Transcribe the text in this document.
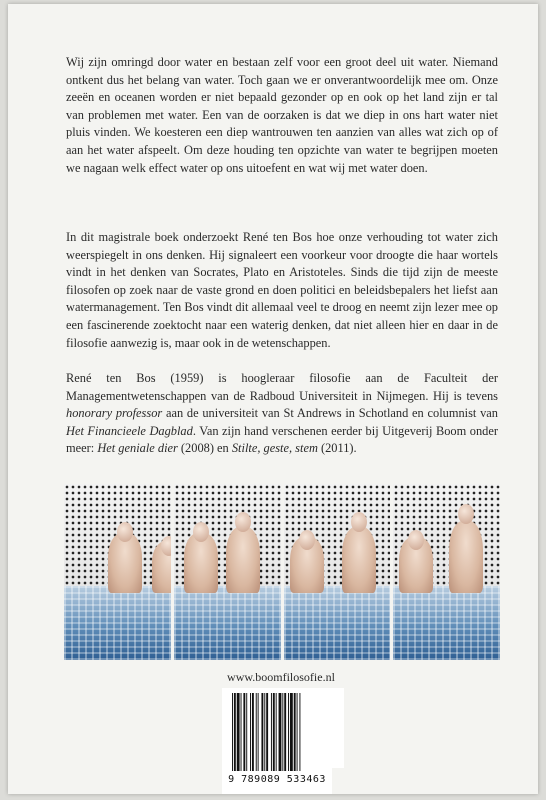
Wij zijn omringd door water en bestaan zelf voor een groot deel uit water. Niemand ontkent dus het belang van water. Toch gaan we er onverantwoordelijk mee om. Onze zeeën en oceanen worden er niet bepaald gezonder op en ook op het land zijn er tal van problemen met water. Een van de oorzaken is dat we diep in ons hart water niet pluis vinden. We koesteren een diep wantrouwen ten aanzien van alles wat zich op of aan het water afspeelt. Om deze houding ten opzichte van water te begrijpen moeten we nagaan welk effect water op ons uitoefent en wat wij met water doen.

In dit magistrale boek onderzoekt René ten Bos hoe onze verhouding tot water zich weerspiegelt in ons denken. Hij signaleert een voorkeur voor droogte die haar wortels vindt in het denken van Socrates, Plato en Aristoteles. Sinds die tijd zijn de meeste filosofen op zoek naar de vaste grond en doen politici en beleidsbepalers het liefst aan watermanagement. Ten Bos vindt dit allemaal veel te droog en neemt zijn lezer mee op een fascinerende zoektocht naar een waterig denken, dat niet alleen hier en daar in de filosofie aanwezig is, maar ook in de wetenschappen.

René ten Bos (1959) is hoogleraar filosofie aan de Faculteit der Managementwetenschappen van de Radboud Universiteit in Nijmegen. Hij is tevens honorary professor aan de universiteit van St Andrews in Schotland en columnist van Het Financieele Dagblad. Van zijn hand verschenen eerder bij Uitgeverij Boom onder meer: Het geniale dier (2008) en Stilte, geste, stem (2011).

www.boomfilosofie.nl
9 789089 533463
